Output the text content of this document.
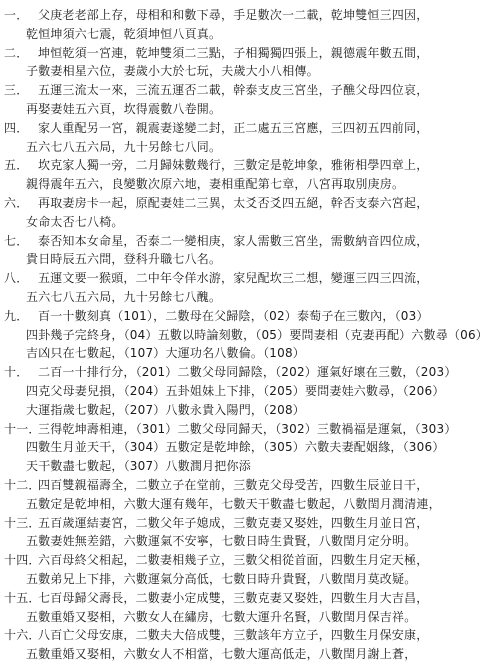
一． 父庚老老部上存，母相和和數下尋，手足數次一二載，乾坤雙恒三四因，
乾恒坤須六七震，乾須坤恒八頁真。
二． 坤恒乾須一宮連，乾坤雙須二三點，子相獨獨四張上，親德震年數五間，
子數妻相星六位，妻歲小大於七玩，夫歲大小八相傳。
三． 五運三流太一來，三流五運否二載，幹泰支皮三宮坐，子醮父母四位哀，
再娶妻娃五六頁，坎得震數八卷開。
四． 家人重配另一宮，親震妻遂變二封，正二處五三宮應，三四初五四前同，
五六七八五六局，九十另餘七八同。
五． 坎克家人獨一旁，二月歸妹數幾行，三數定是乾坤象，雅術相學四章上，
親得震年五六，良變數次原六地，妻相重配第七章，八宮再取別庚房。
六． 再取妻房卡一起，原配妻娃二三異，太爻否爻四五絕，幹否支泰六宮起，
女命太否七八椅。
七． 泰否知本女命星，否泰二一變相庚，家人需數三宮坐，需數納音四位成，
貴日時辰五六問，登科升職七八名。
八． 五運文要一猴頭，二中年令佯水游，家兒配坎三二想，變運三四三四流，
五六七八五六局，九十另餘七八醜。
九． 百一十數刻真（101），二數母在父歸陰，（02）泰萄子在三數內，（03）
四卦幾子完終身，（04）五數以時論刻數，（05）要問妻相（克妻再配）六數尋（06）
吉凶只在七數起，（107）大運功名八數倫。（108）
十． 二百一十排行分，（201）二數父母同歸陰，（202）運氣好壞在三數，（203）
四克父母妻兒損，（204）五卦姐妹上下排，（205）要問妻娃六數尋，（206）
大運指歲七數起，（207）八數永貴入陽門，（208）
十一．
三得乾坤壽相連，（301）二數父母同歸天，（302）三數禍福是運氣，（303）
四數生月並天干，（304）五數定是乾坤餘，（305）六數夫妻配姻緣，（306）
天干數盡七數起，（307）八數潤月把你添
十二．
四百雙親福壽全，二數立子在堂前，三數克父母受苦，四數生辰並日干，
五數定是乾坤相，六數大運有幾年，七數天干數盡七數起，八數閏月潤清連，
十三．
五百歲運結妻宮，二數父年子媳成，三數克妻又娶姓，四數生月並日宮，
五數妻姓無差錯，六數運氣不安寧，七數日時生貴賢，八數閏月定分明。
十四．
六百母終父相起，二數妻相幾子立，三數父相從首面，四數生月定天極，
五數弟兄上下排，六數運氣分高低，七數日時升貴賢，八數閏月莫改疑。
十五．
七百母歸父壽長，二數妻小定成雙，三數克妻又娶姓，四數生月大吉昌，
五數重婚又娶相，六數女人在繡房，七數大運升名賢，八數閏月保吉祥。
十六．
八百亡父母安康，二數夫大倍成雙，三數該年方立子，四數生月保安康，
五數重婚又娶相，六數女人不相當，七數大運高低走，八數閏月謝上蒼，
